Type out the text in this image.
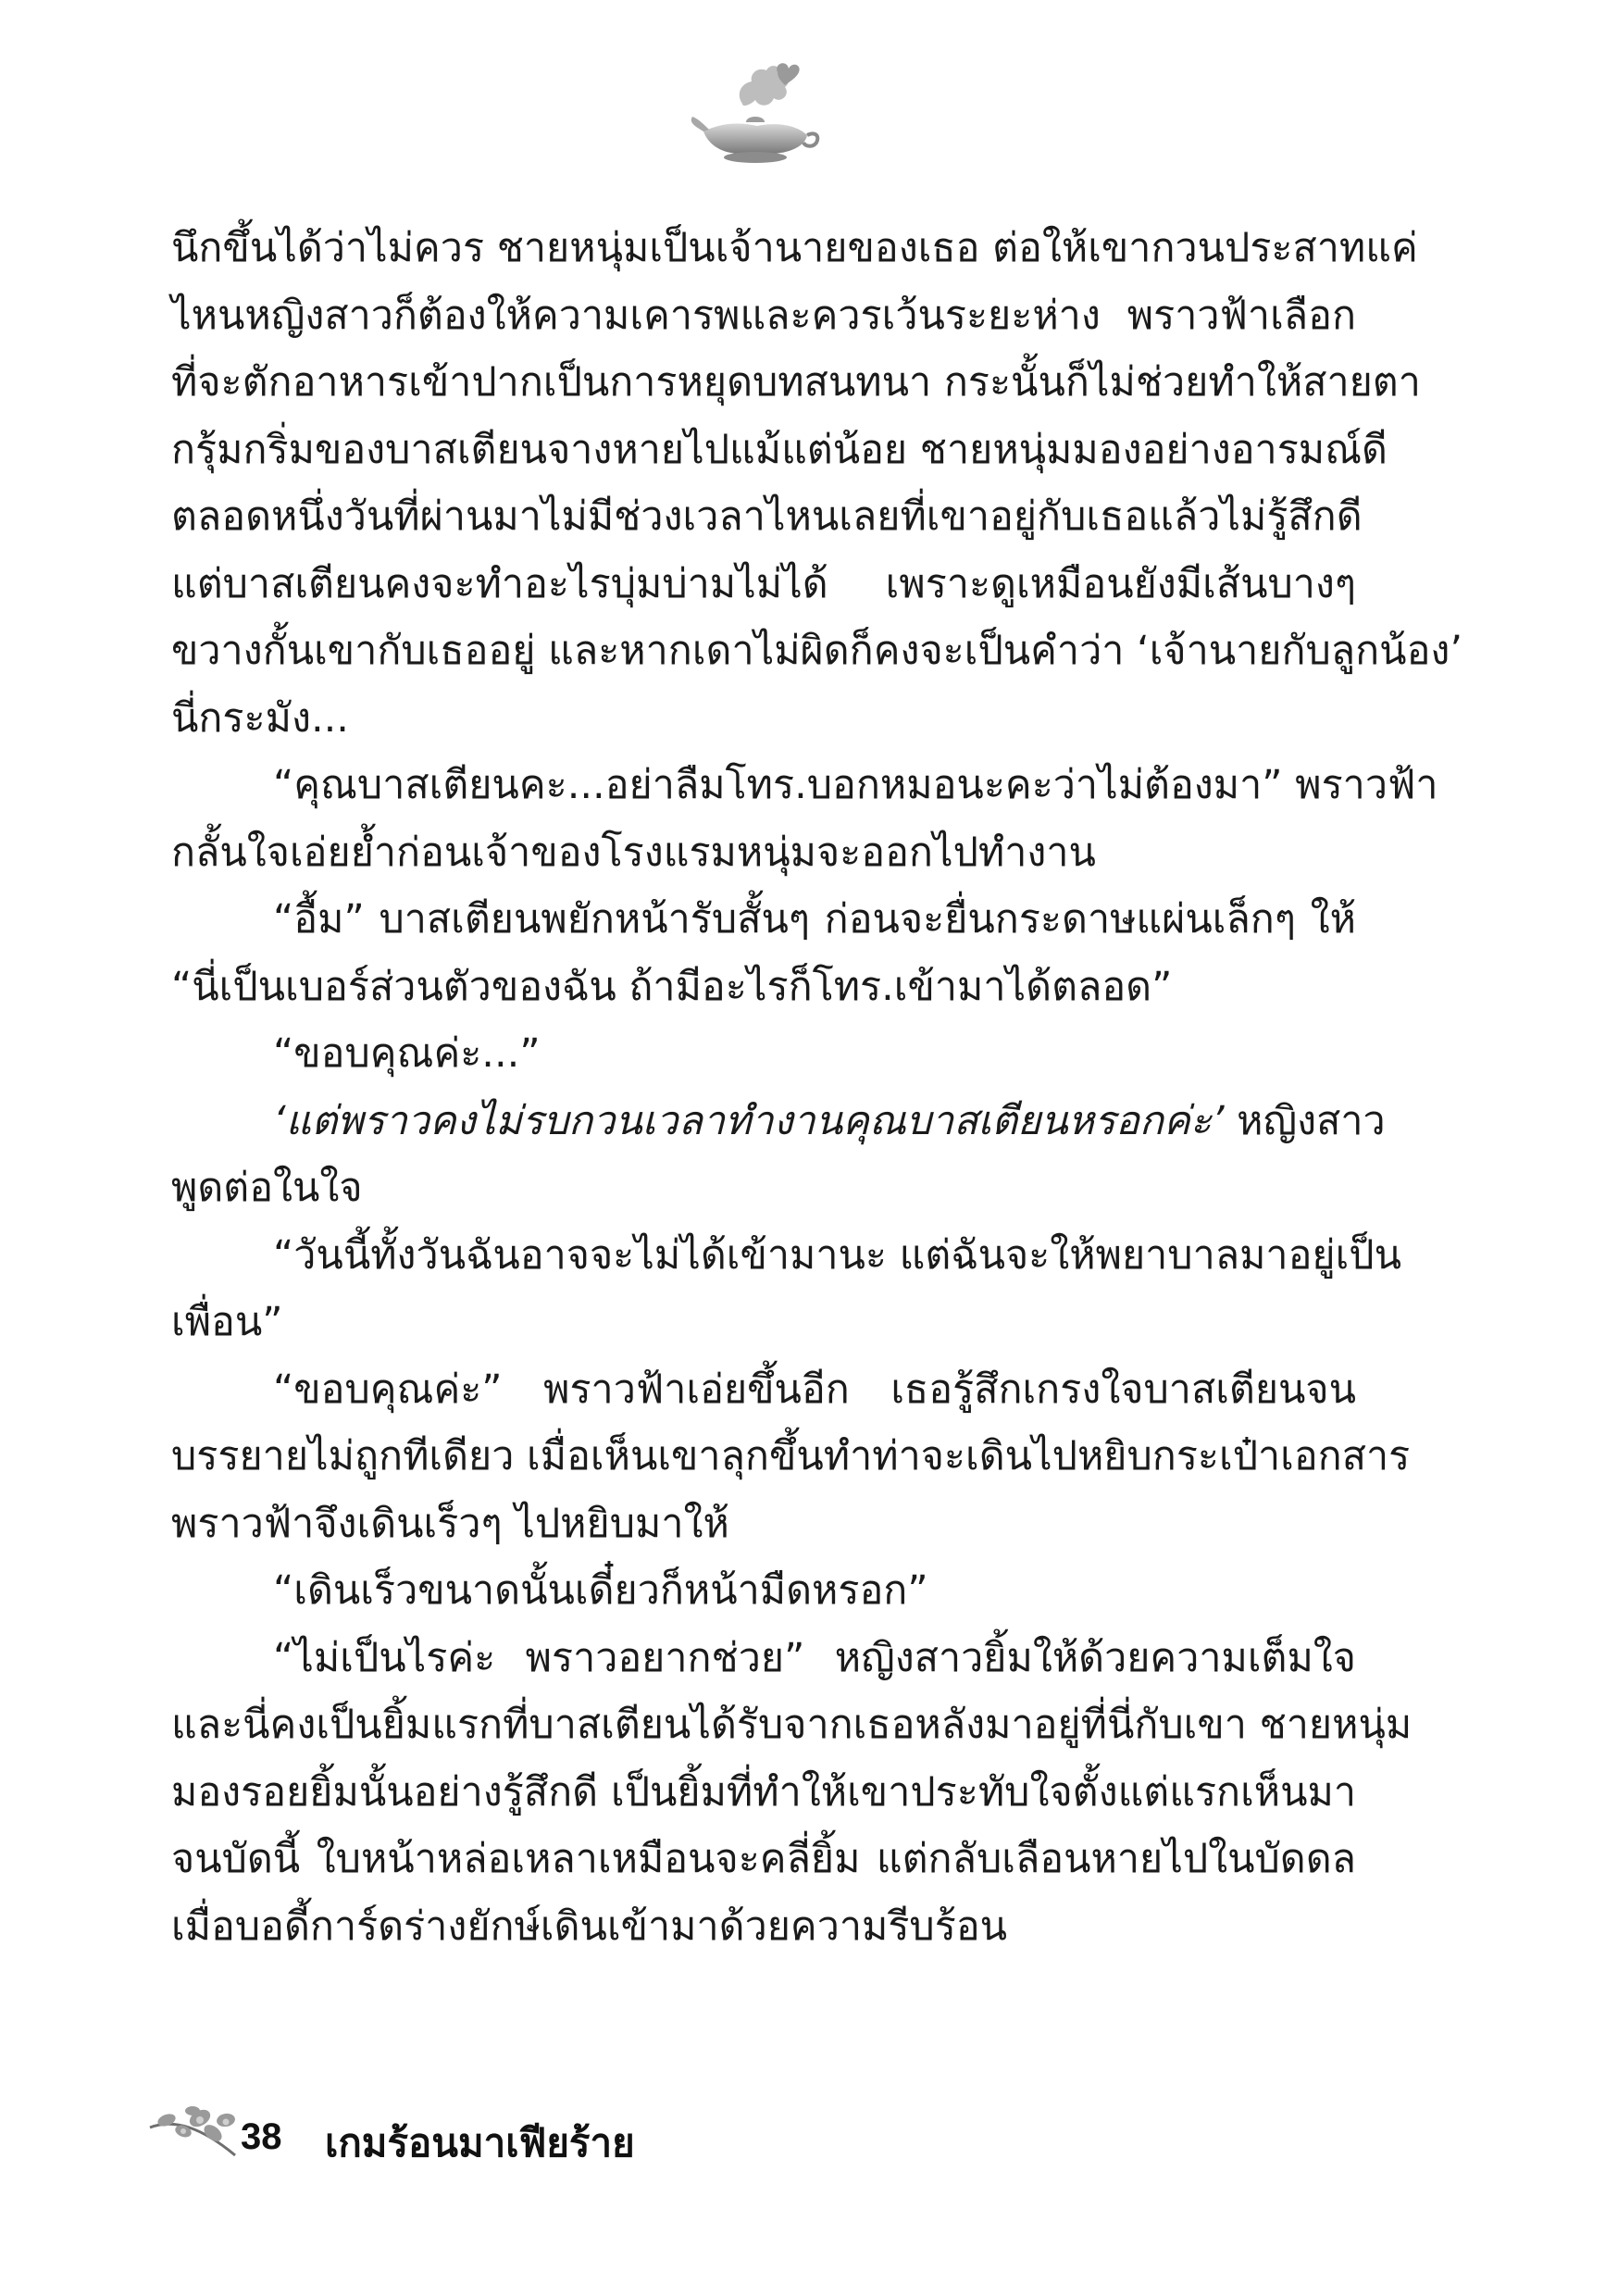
นึกขึ้นได้ว่าไม่ควร ชายหนุ่มเป็นเจ้านายของเธอ ต่อให้เขากวนประสาทแค่
ไหนหญิงสาวก็ต้องให้ความเคารพและควรเว้นระยะห่าง พราวฟ้าเลือก
ที่จะตักอาหารเข้าปากเป็นการหยุดบทสนทนา กระนั้นก็ไม่ช่วยทำให้สายตา
กรุ้มกริ่มของบาสเตียนจางหายไปแม้แต่น้อย ชายหนุ่มมองอย่างอารมณ์ดี
ตลอดหนึ่งวันที่ผ่านมาไม่มีช่วงเวลาไหนเลยที่เขาอยู่กับเธอแล้วไม่รู้สึกดี
แต่บาสเตียนคงจะทำอะไรบุ่มบ่ามไม่ได้ เพราะดูเหมือนยังมีเส้นบางๆ
ขวางกั้นเขากับเธออยู่ และหากเดาไม่ผิดก็คงจะเป็นคำว่า ‘เจ้านายกับลูกน้อง’
นี่กระมัง...
“คุณบาสเตียนคะ...อย่าลืมโทร.บอกหมอนะคะว่าไม่ต้องมา” พราวฟ้า
กลั้นใจเอ่ยย้ำก่อนเจ้าของโรงแรมหนุ่มจะออกไปทำงาน
“อื้ม” บาสเตียนพยักหน้ารับสั้นๆ ก่อนจะยื่นกระดาษแผ่นเล็กๆ ให้
“นี่เป็นเบอร์ส่วนตัวของฉัน ถ้ามีอะไรก็โทร.เข้ามาได้ตลอด”
“ขอบคุณค่ะ...”
‘แต่พราวคงไม่รบกวนเวลาทำงานคุณบาสเตียนหรอกค่ะ’ หญิงสาว
พูดต่อในใจ
“วันนี้ทั้งวันฉันอาจจะไม่ได้เข้ามานะ แต่ฉันจะให้พยาบาลมาอยู่เป็น
เพื่อน”
“ขอบคุณค่ะ” พราวฟ้าเอ่ยขึ้นอีก เธอรู้สึกเกรงใจบาสเตียนจน
บรรยายไม่ถูกทีเดียว เมื่อเห็นเขาลุกขึ้นทำท่าจะเดินไปหยิบกระเป๋าเอกสาร
พราวฟ้าจึงเดินเร็วๆ ไปหยิบมาให้
“เดินเร็วขนาดนั้นเดี๋ยวก็หน้ามืดหรอก”
“ไม่เป็นไรค่ะ พราวอยากช่วย” หญิงสาวยิ้มให้ด้วยความเต็มใจ
และนี่คงเป็นยิ้มแรกที่บาสเตียนได้รับจากเธอหลังมาอยู่ที่นี่กับเขา ชายหนุ่ม
มองรอยยิ้มนั้นอย่างรู้สึกดี เป็นยิ้มที่ทำให้เขาประทับใจตั้งแต่แรกเห็นมา
จนบัดนี้ ใบหน้าหล่อเหลาเหมือนจะคลี่ยิ้ม แต่กลับเลือนหายไปในบัดดล
เมื่อบอดี้การ์ดร่างยักษ์เดินเข้ามาด้วยความรีบร้อน
38 เกมร้อนมาเฟียร้าย
